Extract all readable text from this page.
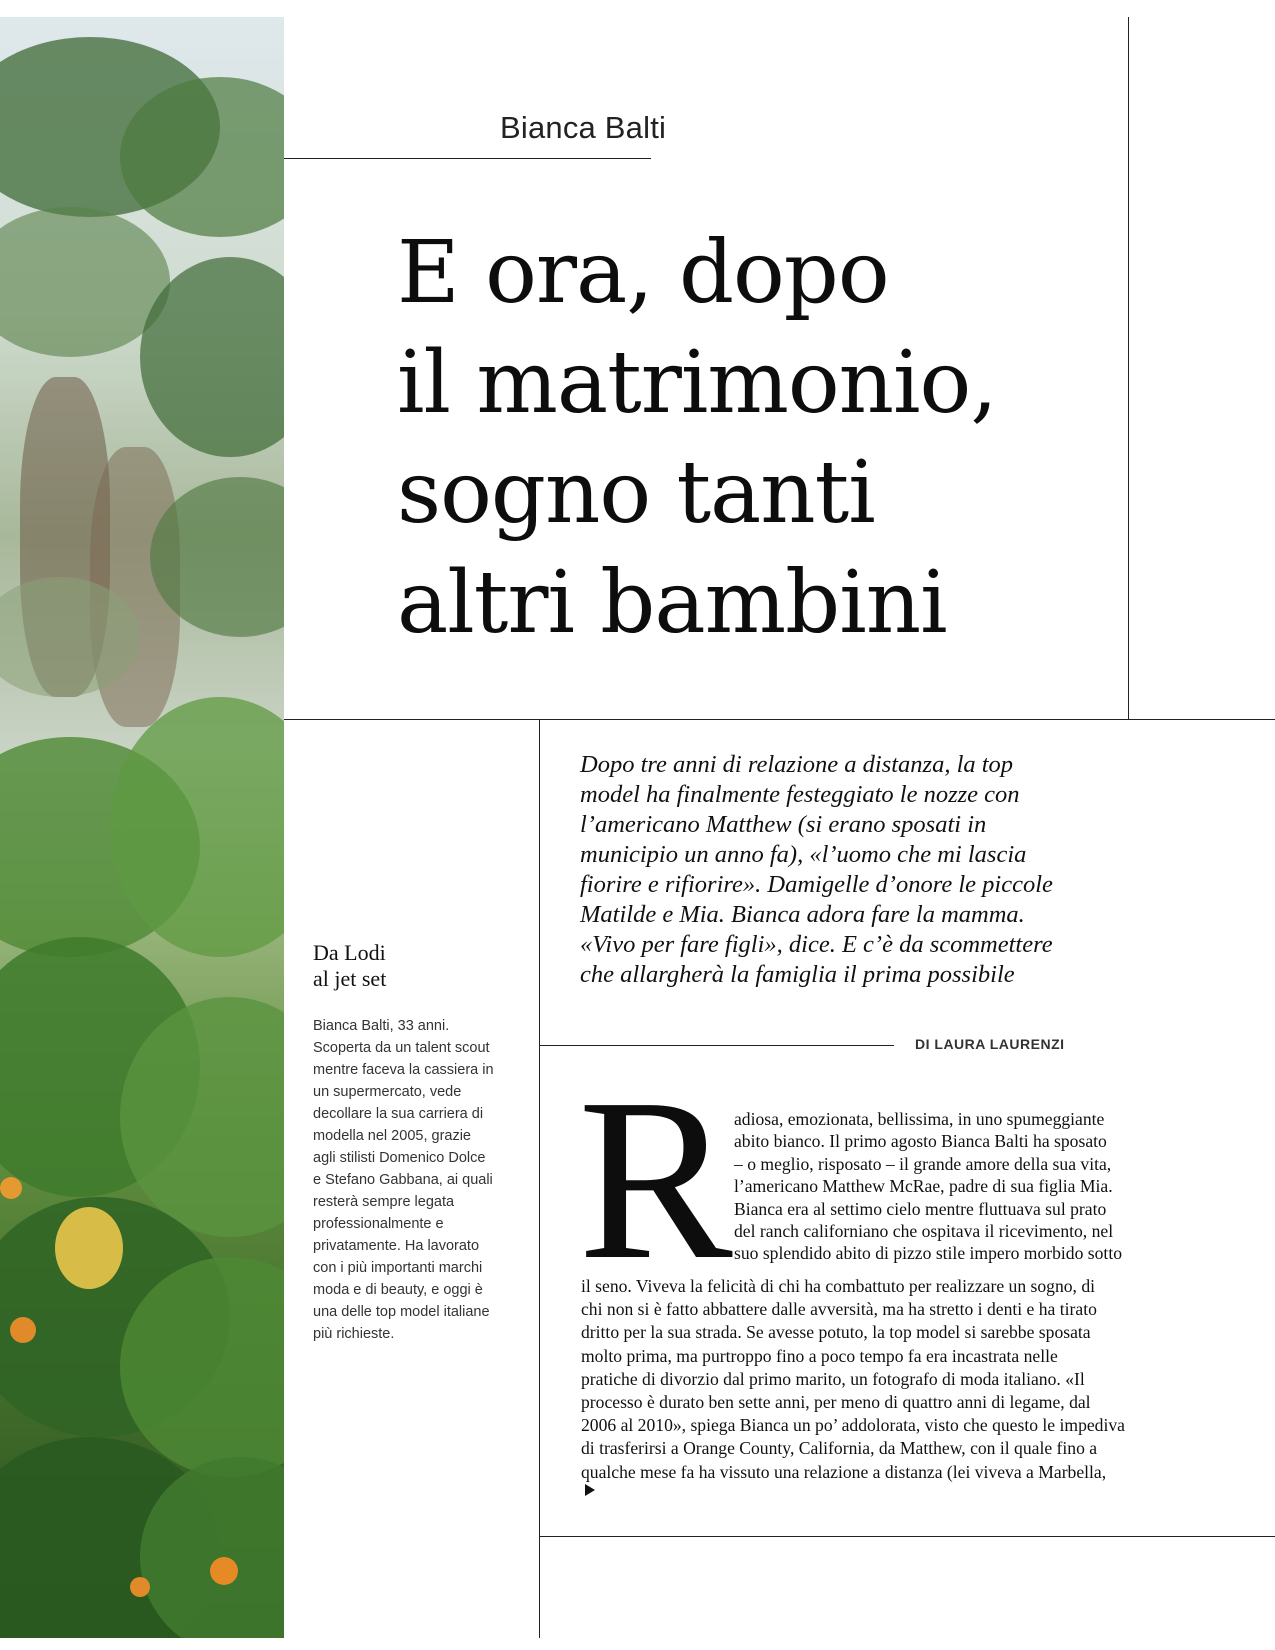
Bianca Balti
E ora, dopo
il matrimonio,
sogno tanti
altri bambini

Dopo tre anni di relazione a distanza, la top model ha finalmente festeggiato le nozze con l’americano Matthew (si erano sposati in municipio un anno fa), «l’uomo che mi lascia fiorire e rifiorire». Damigelle d’onore le piccole Matilde e Mia. Bianca adora fare la mamma. «Vivo per fare figli», dice. E c’è da scommettere che allargherà la famiglia il prima possibile

DI LAURA LAURENZI
Da Lodi
al jet set

Bianca Balti, 33 anni. Scoperta da un talent scout mentre faceva la cassiera in un supermercato, vede decollare la sua carriera di modella nel 2005, grazie agli stilisti Domenico Dolce e Stefano Gabbana, ai quali resterà sempre legata professionalmente e privatamente. Ha lavorato con i più importanti marchi moda e di beauty, e oggi è una delle top model italiane più richieste.

R adiosa, emozionata, bellissima, in uno spumeggiante
abito bianco. Il primo agosto Bianca Balti ha sposato
– o meglio, risposato – il grande amore della sua vita,
l’americano Matthew McRae, padre di sua figlia Mia.
Bianca era al settimo cielo mentre fluttuava sul prato
del ranch californiano che ospitava il ricevimento, nel
suo splendido abito di pizzo stile impero morbido sotto

il seno. Viveva la felicità di chi ha combattuto per realizzare un sogno, di
chi non si è fatto abbattere dalle avversità, ma ha stretto i denti e ha tirato
dritto per la sua strada. Se avesse potuto, la top model si sarebbe sposata
molto prima, ma purtroppo fino a poco tempo fa era incastrata nelle
pratiche di divorzio dal primo marito, un fotografo di moda italiano. «Il
processo è durato ben sette anni, per meno di quattro anni di legame, dal
2006 al 2010», spiega Bianca un po’ addolorata, visto che questo le impediva
di trasferirsi a Orange County, California, da Matthew, con il quale fino a
qualche mese fa ha vissuto una relazione a distanza (lei viveva a Marbella,
